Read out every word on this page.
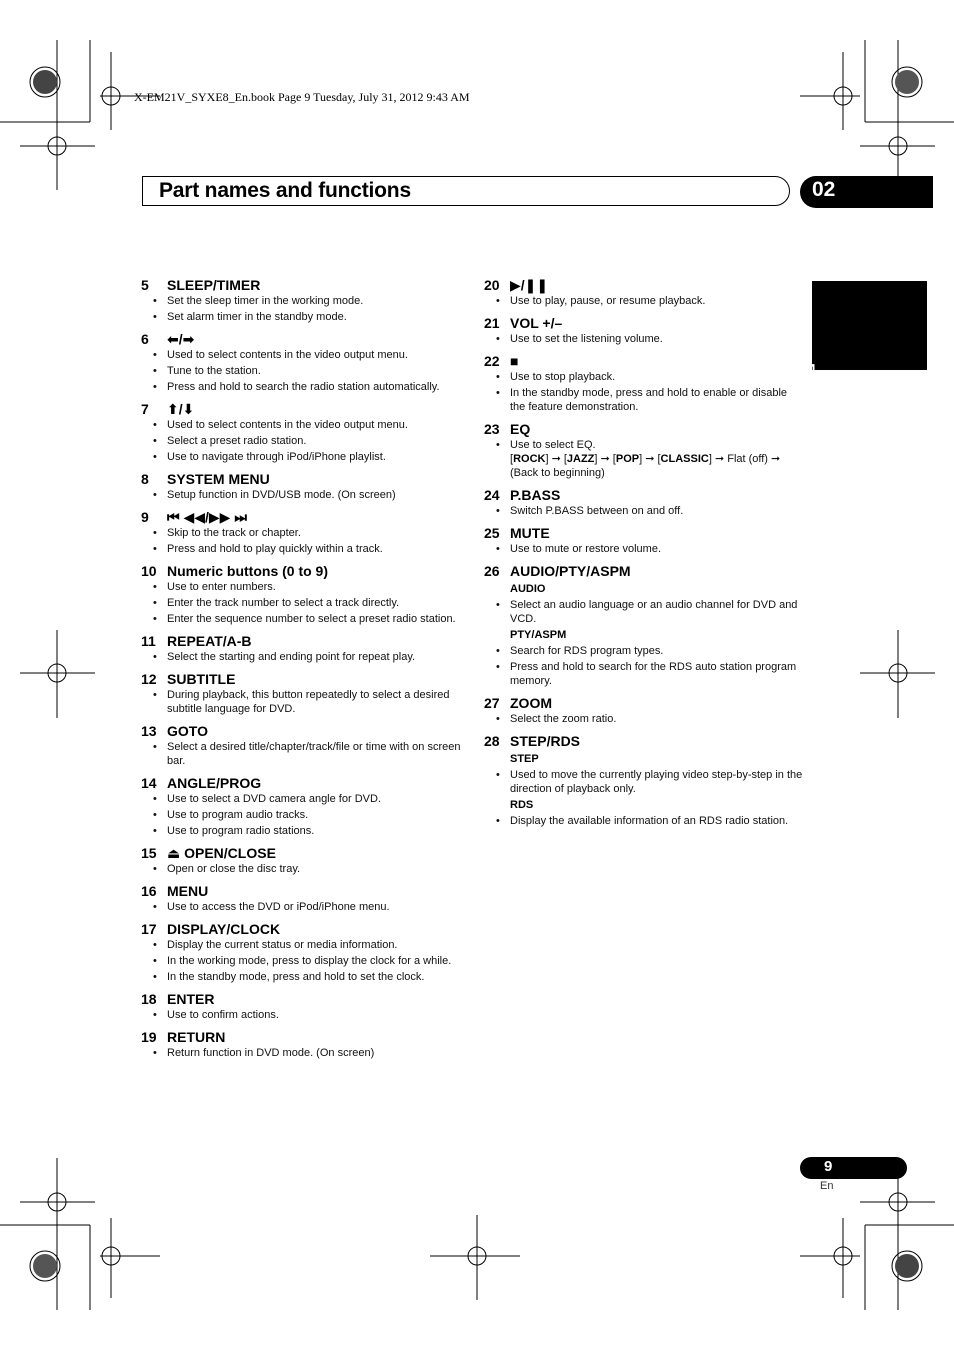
X-EM21V_SYXE8_En.book Page 9 Tuesday, July 31, 2012 9:43 AM
Part names and functions	02
English
5	SLEEP/TIMER
• Set the sleep timer in the working mode.
• Set alarm timer in the standby mode.
6	⬅/➡
• Used to select contents in the video output menu.
• Tune to the station.
• Press and hold to search the radio station automatically.
7	⬆/⬇
• Used to select contents in the video output menu.
• Select a preset radio station.
• Use to navigate through iPod/iPhone playlist.
8	SYSTEM MENU
• Setup function in DVD/USB mode. (On screen)
9	⏮ ◀◀/▶▶ ⏭
• Skip to the track or chapter.
• Press and hold to play quickly within a track.
10 Numeric buttons (0 to 9)
• Use to enter numbers.
• Enter the track number to select a track directly.
• Enter the sequence number to select a preset radio station.
11 REPEAT/A-B
• Select the starting and ending point for repeat play.
12 SUBTITLE
• During playback, this button repeatedly to select a desired subtitle language for DVD.
13 GOTO
• Select a desired title/chapter/track/file or time with on screen bar.
14 ANGLE/PROG
• Use to select a DVD camera angle for DVD.
• Use to program audio tracks.
• Use to program radio stations.
15 ⏏ OPEN/CLOSE
• Open or close the disc tray.
16 MENU
• Use to access the DVD or iPod/iPhone menu.
17 DISPLAY/CLOCK
• Display the current status or media information.
• In the working mode, press to display the clock for a while.
• In the standby mode, press and hold to set the clock.
18 ENTER
• Use to confirm actions.
19 RETURN
• Return function in DVD mode. (On screen)
20 ▶/❚❚
• Use to play, pause, or resume playback.
21 VOL +/–
• Use to set the listening volume.
22 ■
• Use to stop playback.
• In the standby mode, press and hold to enable or disable the feature demonstration.
23 EQ
• Use to select EQ.
[ROCK] ➞ [JAZZ] ➞ [POP] ➞ [CLASSIC] ➞ Flat (off) ➞
(Back to beginning)
24 P.BASS
• Switch P.BASS between on and off.
25 MUTE
• Use to mute or restore volume.
26 AUDIO/PTY/ASPM
AUDIO
• Select an audio language or an audio channel for DVD and VCD.
PTY/ASPM
• Search for RDS program types.
• Press and hold to search for the RDS auto station program memory.
27 ZOOM
• Select the zoom ratio.
28 STEP/RDS
STEP
• Used to move the currently playing video step-by-step in the direction of playback only.
RDS
• Display the available information of an RDS radio station.
9
En
